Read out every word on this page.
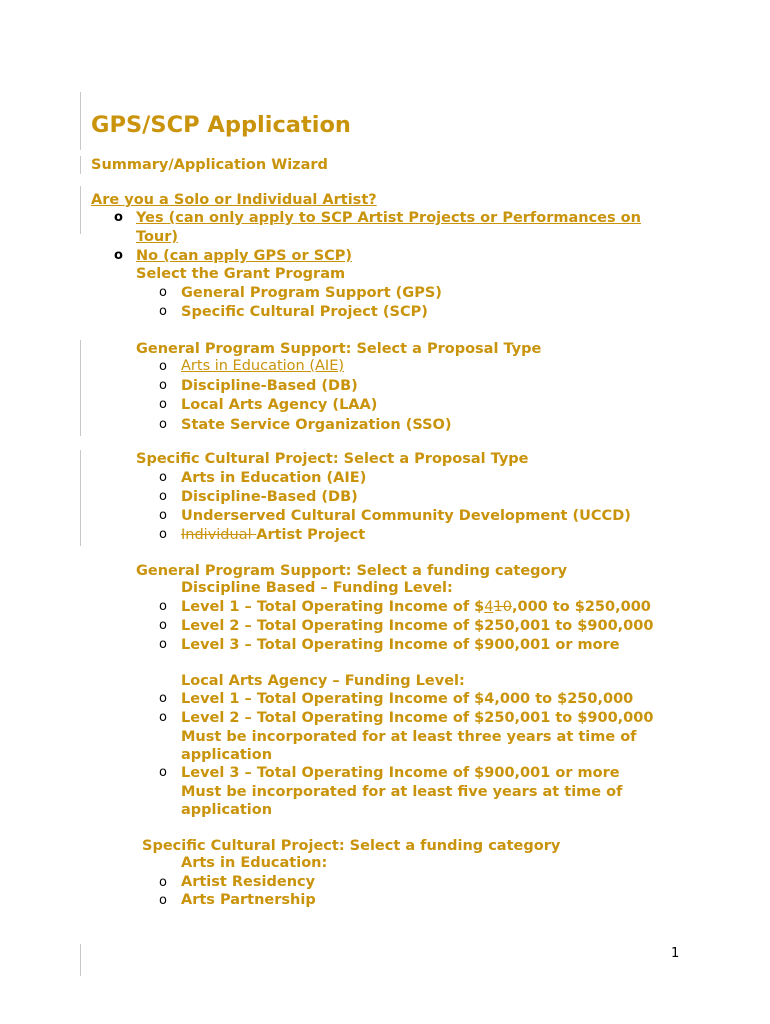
GPS/SCP Application
Summary/Application Wizard
Are you a Solo or Individual Artist?
o Yes (can only apply to SCP Artist Projects or Performances on
Tour)
o No (can apply GPS or SCP)
Select the Grant Program
o General Program Support (GPS)
o Specific Cultural Project (SCP)
General Program Support: Select a Proposal Type
o Arts in Education (AIE)
o Discipline-Based (DB)
o Local Arts Agency (LAA)
o State Service Organization (SSO)
Specific Cultural Project: Select a Proposal Type
o Arts in Education (AIE)
o Discipline-Based (DB)
o Underserved Cultural Community Development (UCCD)
o Individual Artist Project
General Program Support: Select a funding category
Discipline Based – Funding Level:
o Level 1 – Total Operating Income of $410,000 to $250,000
o Level 2 – Total Operating Income of $250,001 to $900,000
o Level 3 – Total Operating Income of $900,001 or more
Local Arts Agency – Funding Level:
o Level 1 – Total Operating Income of $4,000 to $250,000
o Level 2 – Total Operating Income of $250,001 to $900,000
Must be incorporated for at least three years at time of
application
o Level 3 – Total Operating Income of $900,001 or more
Must be incorporated for at least five years at time of
application
Specific Cultural Project: Select a funding category
Arts in Education:
o Artist Residency
o Arts Partnership
1
